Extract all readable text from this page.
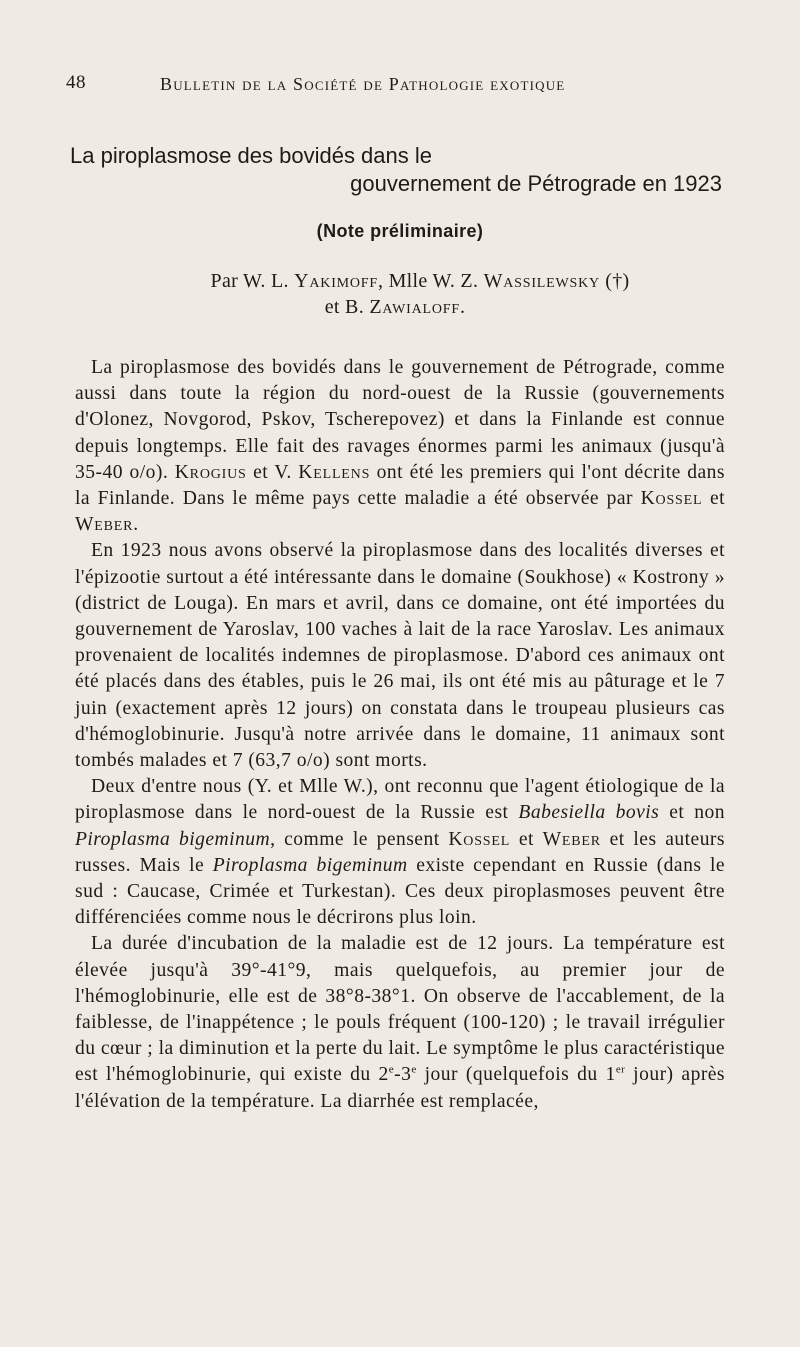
48	Bulletin de la Société de Pathologie exotique
La piroplasmose des bovidés dans le
gouvernement de Pétrograde en 1923
(Note préliminaire)
Par W. L. Yakimoff, Mlle W. Z. Wassilewsky (†)
et B. Zawialoff.

La piroplasmose des bovidés dans le gouvernement de Pétrograde, comme aussi dans toute la région du nord-ouest de la Russie (gouvernements d'Olonez, Novgorod, Pskov, Tscherepovez) et dans la Finlande est connue depuis longtemps. Elle fait des ravages énormes parmi les animaux (jusqu'à 35-40 o/o). Krogius et V. Kellens ont été les premiers qui l'ont décrite dans la Finlande. Dans le même pays cette maladie a été observée par Kossel et Weber.

En 1923 nous avons observé la piroplasmose dans des localités diverses et l'épizootie surtout a été intéressante dans le domaine (Soukhose) « Kostrony » (district de Louga). En mars et avril, dans ce domaine, ont été importées du gouvernement de Yaroslav, 100 vaches à lait de la race Yaroslav. Les animaux provenaient de localités indemnes de piroplasmose. D'abord ces animaux ont été placés dans des étables, puis le 26 mai, ils ont été mis au pâturage et le 7 juin (exactement après 12 jours) on constata dans le troupeau plusieurs cas d'hémoglobinurie. Jusqu'à notre arrivée dans le domaine, 11 animaux sont tombés malades et 7 (63,7 o/o) sont morts.

Deux d'entre nous (Y. et Mlle W.), ont reconnu que l'agent étiologique de la piroplasmose dans le nord-ouest de la Russie est Babesiella bovis et non Piroplasma bigeminum, comme le pensent Kossel et Weber et les auteurs russes. Mais le Piroplasma bigeminum existe cependant en Russie (dans le sud : Caucase, Crimée et Turkestan). Ces deux piroplasmoses peuvent être différenciées comme nous le décrirons plus loin.

La durée d'incubation de la maladie est de 12 jours. La température est élevée jusqu'à 39°-41°9, mais quelquefois, au premier jour de l'hémoglobinurie, elle est de 38°8-38°1. On observe de l'accablement, de la faiblesse, de l'inappétence ; le pouls fréquent (100-120) ; le travail irrégulier du cœur ; la diminution et la perte du lait. Le symptôme le plus caractéristique est l'hémoglobinurie, qui existe du 2e-3e jour (quelquefois du 1er jour) après l'élévation de la température. La diarrhée est remplacée,
